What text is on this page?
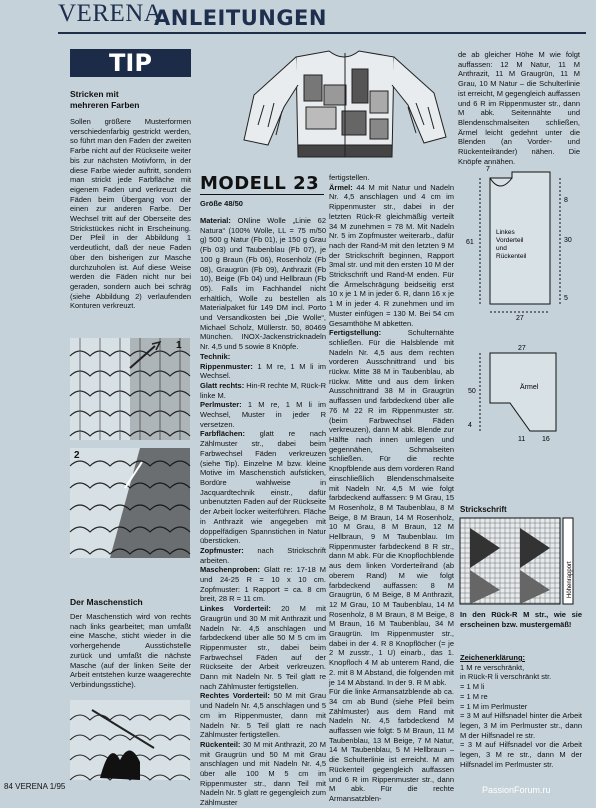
VERENA
ANLEITUNGEN
TIP
Stricken mit
mehreren Farben

Sollen größere Musterformen verschiedenfarbig gestrickt werden, so führt man den Faden der zweiten Farbe nicht auf der Rückseite weiter bis zur nächsten Motivform, in der diese Farbe wieder auftritt, sondern man strickt jede Farbfläche mit eigenem Faden und verkreuzt die Fäden beim Übergang von der einen zur anderen Farbe. Der Wechsel tritt auf der Oberseite des Strickstückes nicht in Erscheinung. Der Pfeil in der Abbildung 1 verdeutlicht, daß der neue Faden über den bisherigen zur Masche durchzuholen ist. Auf diese Weise werden die Fäden nicht nur bei geraden, sondern auch bei schräg (siehe Abbildung 2) verlaufenden Konturen verkreuzt.

1
2
Der Maschenstich

Der Maschenstich wird von rechts nach links gearbeitet; man umfaßt eine Masche, sticht wieder in die vorhergehende Ausstichstelle zurück und umfaßt die nächste Masche (auf der linken Seite der Arbeit entstehen kurze waagerechte Verbindungsstiche).

MODELL 23
Größe 48/50

Material: ONline Wolle „Linie 62 Natura“ (100% Wolle, LL = 75 m/50 g) 500 g Natur (Fb 01), je 150 g Grau (Fb 03) und Taubenblau (Fb 07), je 100 g Braun (Fb 06), Rosenholz (Fb 08), Graugrün (Fb 09), Anthrazit (Fb 10), Beige (Fb 04) und Hellbraun (Fb 05). Falls im Fachhandel nicht erhältlich, Wolle zu bestellen als Materialpaket für 149 DM incl. Porto und Versandkosten bei „Die Wolle“, Michael Scholz, Müllerstr. 50, 80469 München. INOX-Jackenstricknadeln Nr. 4,5 und 5 sowie 8 Knöpfe.

Technik:

Rippenmuster: 1 M re, 1 M li im Wechsel.

Glatt rechts: Hin-R rechte M, Rück-R linke M.

Perlmuster: 1 M re, 1 M li im Wechsel, Muster in jeder R versetzen.

Farbflächen: glatt re nach Zählmuster str., dabei beim Farbwechsel Fäden verkreuzen (siehe Tip). Einzelne M bzw. kleine Motive im Maschenstich aufsticken, Bordüre wahlweise in Jacquardtechnik einstr., dafür unbenutzten Faden auf der Rückseite der Arbeit locker weiterführen. Fläche in Anthrazit wie angegeben mit doppelfädigen Spannstichen in Natur übersticken.

Zopfmuster: nach Strickschrift arbeiten.

Maschenproben: Glatt re: 17-18 M und 24-25 R = 10 x 10 cm. Zopfmuster: 1 Rapport = ca. 8 cm breit, 28 R = 11 cm.

Linkes Vorderteil: 20 M mit Graugrün und 30 M mit Anthrazit und Nadeln Nr. 4,5 anschlagen und farbdeckend über alle 50 M 5 cm im Rippenmuster str., dabei beim Farbwechsel Fäden auf der Rückseite der Arbeit verkreuzen. Dann mit Nadeln Nr. 5 Teil glatt re nach Zählmuster fertigstellen.

Rechtes Vorderteil: 50 M mit Grau und Nadeln Nr. 4,5 anschlagen und 5 cm im Rippenmuster, dann mit Nadeln Nr. 5 Teil glatt re nach Zählmuster fertigstellen.

Rückenteil: 30 M mit Anthrazit, 20 M mit Graugrün und 50 M mit Grau anschlagen und mit Nadeln Nr. 4,5 über alle 100 M 5 cm im Rippenmuster str., dann Teil mit Nadeln Nr. 5 glatt re gegengleich zum Zählmuster

fertigstellen.

Ärmel: 44 M mit Natur und Nadeln Nr. 4,5 anschlagen und 4 cm im Rippenmuster str., dabei in der letzten Rück-R gleichmäßig verteilt 34 M zunehmen = 78 M. Mit Nadeln Nr. 5 im Zopfmuster weiterarb., dafür nach der Rand-M mit den letzten 9 M der Strickschrift beginnen, Rapport 3mal str. und mit den ersten 10 M der Strickschrift und Rand-M enden. Für die Ärmelschrägung beidseitig erst 10 x je 1 M in jeder 6. R, dann 16 x je 1 M in jeder 4. R zunehmen und im Muster einfügen = 130 M. Bei 54 cm Gesamthöhe M abketten.

Fertigstellung: Schulternähte schließen. Für die Halsblende mit Nadeln Nr. 4,5 aus dem rechten vorderen Ausschnittrand und bis rückw. Mitte 38 M in Taubenblau, ab rückw. Mitte und aus dem linken Ausschnittrand 38 M in Graugrün auffassen und farbdeckend über alle 76 M 22 R im Rippenmuster str. (beim Farbwechsel Fäden verkreuzen), dann M abk. Blende zur Hälfte nach innen umlegen und gegennähen, Schmalseiten schließen. Für die rechte Knopfblende aus dem vorderen Rand einschließlich Blendenschmalseite mit Nadeln Nr. 4,5 M wie folgt farbdeckend auffassen: 9 M Grau, 15 M Rosenholz, 8 M Taubenblau, 8 M Beige, 8 M Braun, 14 M Rosenholz, 10 M Grau, 8 M Braun, 12 M Hellbraun, 9 M Taubenblau. Im Rippenmuster farbdeckend 8 R str., dann M abk. Für die Knopflochblende aus dem linken Vorderteilrand (ab oberem Rand) M wie folgt farbdeckend auffassen: 8 M Graugrün, 6 M Beige, 8 M Anthrazit, 12 M Grau, 10 M Taubenblau, 14 M Rosenholz, 8 M Braun, 8 M Beige, 8 M Braun, 16 M Taubenblau, 34 M Graugrün. Im Rippenmuster str., dabei in der 4. R 8 Knopflöcher (= je 2 M zusstr., 1 U) einarb., das 1. Knopfloch 4 M ab unterem Rand, die 2. mit 8 M Abstand, die folgenden mit je 14 M Abstand. In der 9. R M abk.

Für die linke Armansatzblende ab ca. 34 cm ab Bund (siehe Pfeil beim Zählmuster) aus dem Rand mit Nadeln Nr. 4,5 farbdeckend M auffassen wie folgt: 5 M Braun, 11 M Taubenblau, 13 M Beige, 7 M Natur, 14 M Taubenblau, 5 M Hellbraun – die Schulterlinie ist erreicht. M am Rückenteil gegengleich auffassen und 6 R im Rippenmuster str., dann M abk. Für die rechte Armansatzblen-

de ab gleicher Höhe M wie folgt auffassen: 12 M Natur, 11 M Anthrazit, 11 M Graugrün, 11 M Grau, 10 M Natur – die Schulterlinie ist erreicht, M gegengleich auffassen und 6 R im Rippenmuster str., dann M abk. Seitennähte und Blendenschmalseiten schließen, Ärmel leicht gedehnt unter die Blenden (an Vorder- und Rückenteilränder) nähen. Die Knöpfe annähen.

7
8
30
61
5
27
Linkes Vorderteil und Rückenteil
27
50
4
11 16
Ärmel
Strickschrift
Höhenrapport
In den Rück-R M str., wie sie erscheinen bzw. mustergemäß!
Zeichenerklärung:
1 M re verschränkt,
in Rück-R li verschränkt str.
= 1 M li
= 1 M re
= 1 M im Perlmuster
= 3 M auf Hilfsnadel hinter die Arbeit legen, 3 M im Perlmuster str., dann M der Hilfsnadel re str.
= 3 M auf Hilfsnadel vor die Arbeit legen, 3 M re str., dann M der Hilfsnadel im Perlmuster str.
84 VERENA 1/95	PassionForum.ru
